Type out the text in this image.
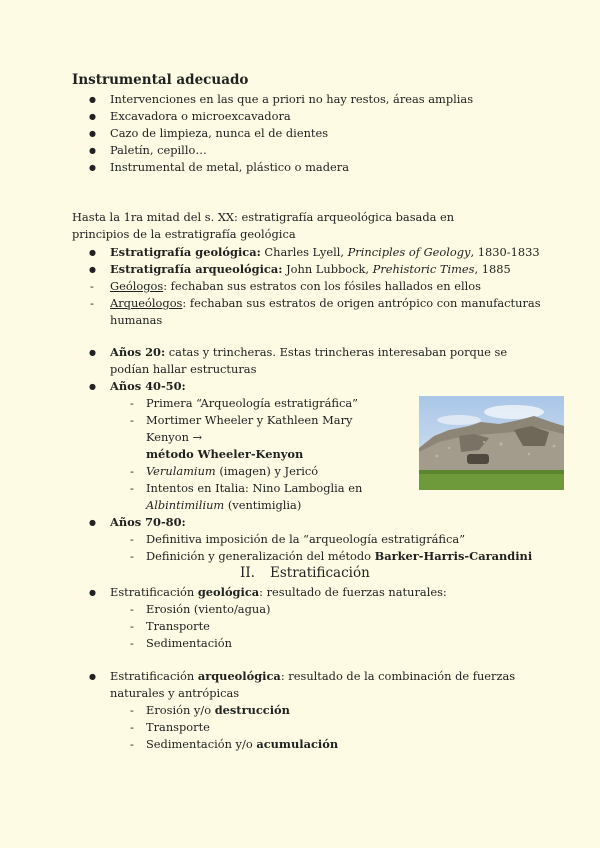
Instrumental adecuado
● Intervenciones en las que a priori no hay restos, áreas amplias
● Excavadora o microexcavadora
● Cazo de limpieza, nunca el de dientes
● Paletín, cepillo…
● Instrumental de metal, plástico o madera
Hasta la 1ra mitad del s. XX: estratigrafía arqueológica basada en principios de la estratigrafía geológica
● Estratigrafía geológica: Charles Lyell, Principles of Geology, 1830-1833
● Estratigrafía arqueológica: John Lubbock, Prehistoric Times, 1885
- Geólogos: fechaban sus estratos con los fósiles hallados en ellos
- Arqueólogos: fechaban sus estratos de origen antrópico con manufacturas humanas
● Años 20: catas y trincheras. Estas trincheras interesaban porque se podían hallar estructuras
● Años 40-50:
- Primera “Arqueología estratigráfica”
- Mortimer Wheeler y Kathleen Mary Kenyon →
método Wheeler-Kenyon
- Verulamium (imagen) y Jericó
- Intentos en Italia: Nino Lamboglia en Albintimilium (ventimiglia)
● Años 70-80:
- Definitiva imposición de la “arqueología estratigráfica”
- Definición y generalización del método Barker-Harris-Carandini
II. Estratificación
● Estratificación geológica: resultado de fuerzas naturales:
- Erosión (viento/agua)
- Transporte
- Sedimentación
● Estratificación arqueológica: resultado de la combinación de fuerzas naturales y antrópicas
- Erosión y/o destrucción
- Transporte
- Sedimentación y/o acumulación
